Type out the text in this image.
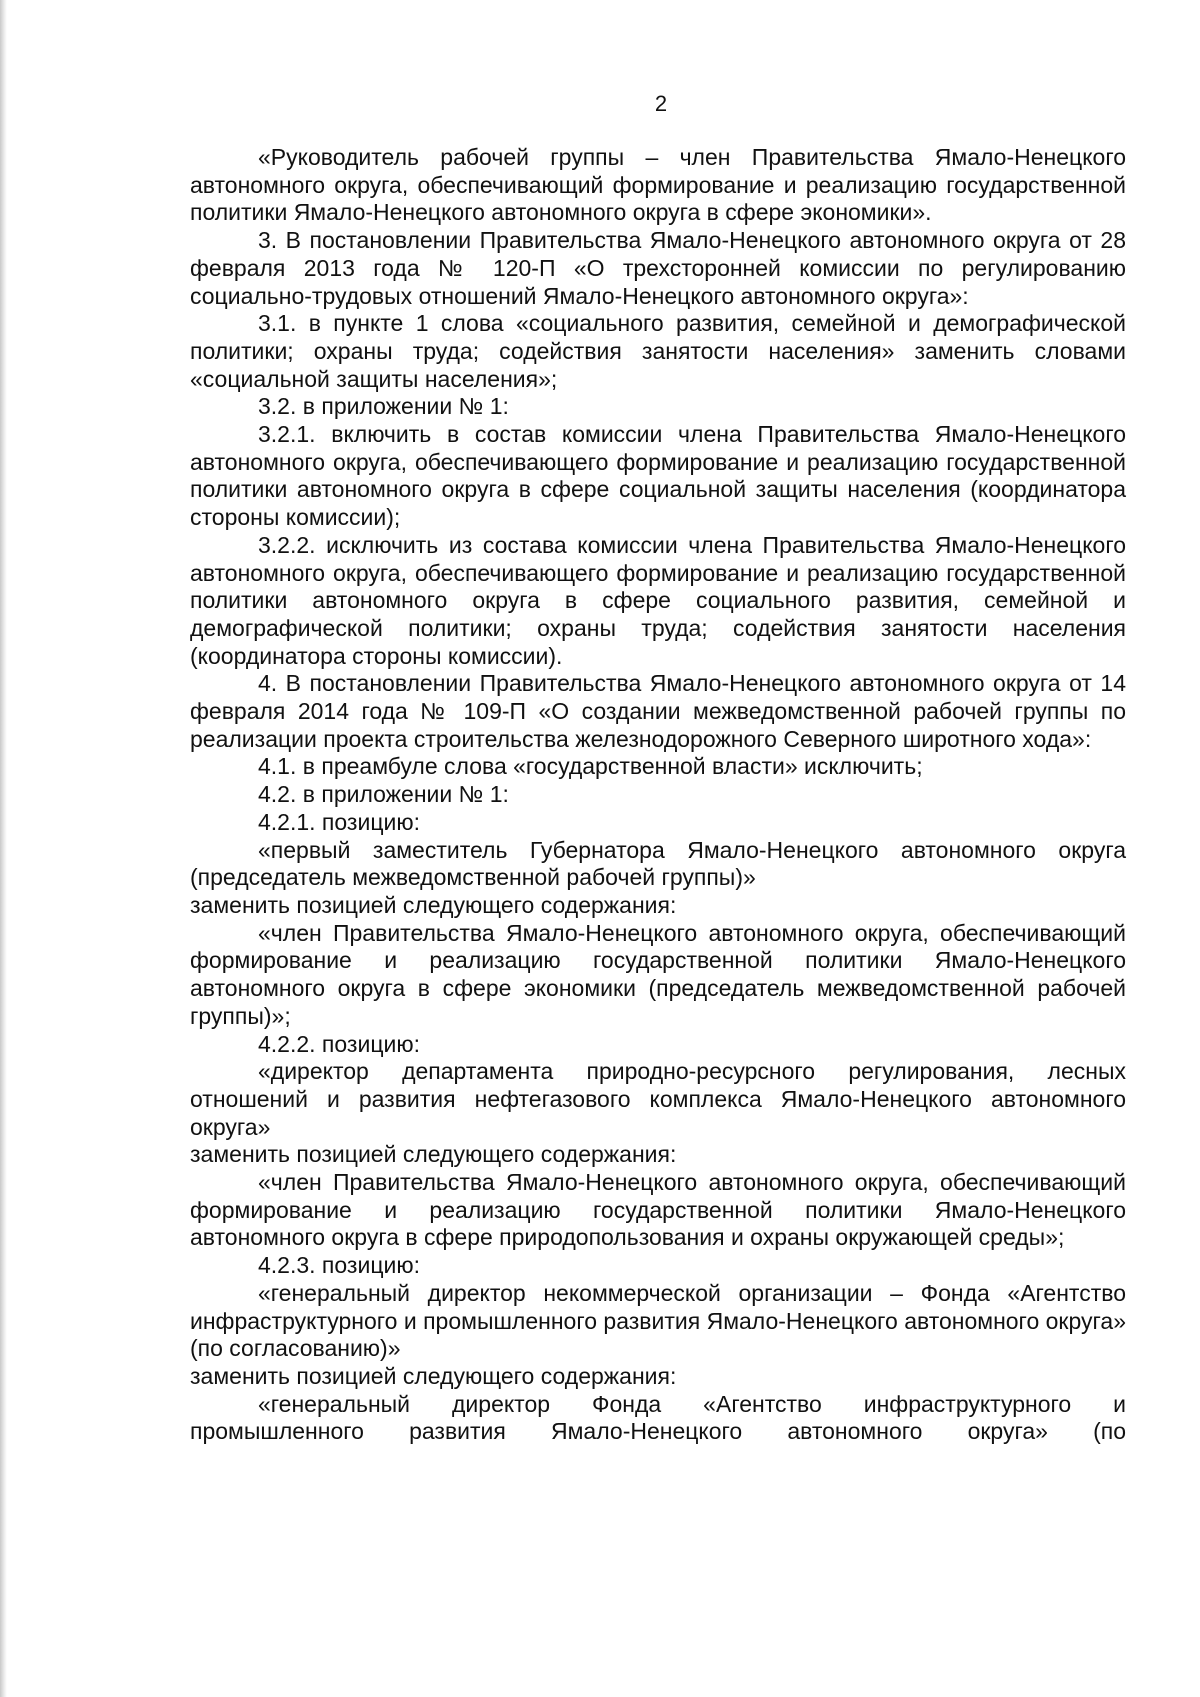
2

«Руководитель рабочей группы – член Правительства Ямало-Ненецкого автономного округа, обеспечивающий формирование и реализацию государственной политики Ямало-Ненецкого автономного округа в сфере экономики».

3. В постановлении Правительства Ямало-Ненецкого автономного округа от 28 февраля 2013 года № 120-П «О трехсторонней комиссии по регулированию социально-трудовых отношений Ямало-Ненецкого автономного округа»:

3.1. в пункте 1 слова «социального развития, семейной и демографической политики; охраны труда; содействия занятости населения» заменить словами «социальной защиты населения»;

3.2. в приложении № 1:

3.2.1. включить в состав комиссии члена Правительства Ямало-Ненецкого автономного округа, обеспечивающего формирование и реализацию государственной политики автономного округа в сфере социальной защиты населения (координатора стороны комиссии);

3.2.2. исключить из состава комиссии члена Правительства Ямало-Ненецкого автономного округа, обеспечивающего формирование и реализацию государственной политики автономного округа в сфере социального развития, семейной и демографической политики; охраны труда; содействия занятости населения (координатора стороны комиссии).

4. В постановлении Правительства Ямало-Ненецкого автономного округа от 14 февраля 2014 года № 109-П «О создании межведомственной рабочей группы по реализации проекта строительства железнодорожного Северного широтного хода»:

4.1. в преамбуле слова «государственной власти» исключить;

4.2. в приложении № 1:

4.2.1. позицию:

«первый заместитель Губернатора Ямало-Ненецкого автономного округа (председатель межведомственной рабочей группы)»

заменить позицией следующего содержания:

«член Правительства Ямало-Ненецкого автономного округа, обеспечивающий формирование и реализацию государственной политики Ямало-Ненецкого автономного округа в сфере экономики (председатель межведомственной рабочей группы)»;

4.2.2. позицию:

«директор департамента природно-ресурсного регулирования, лесных отношений и развития нефтегазового комплекса Ямало-Ненецкого автономного округа»

заменить позицией следующего содержания:

«член Правительства Ямало-Ненецкого автономного округа, обеспечивающий формирование и реализацию государственной политики Ямало-Ненецкого автономного округа в сфере природопользования и охраны окружающей среды»;

4.2.3. позицию:

«генеральный директор некоммерческой организации – Фонда «Агентство инфраструктурного и промышленного развития Ямало-Ненецкого автономного округа» (по согласованию)»

заменить позицией следующего содержания:

«генеральный директор Фонда «Агентство инфраструктурного и промышленного развития Ямало-Ненецкого автономного округа» (по
